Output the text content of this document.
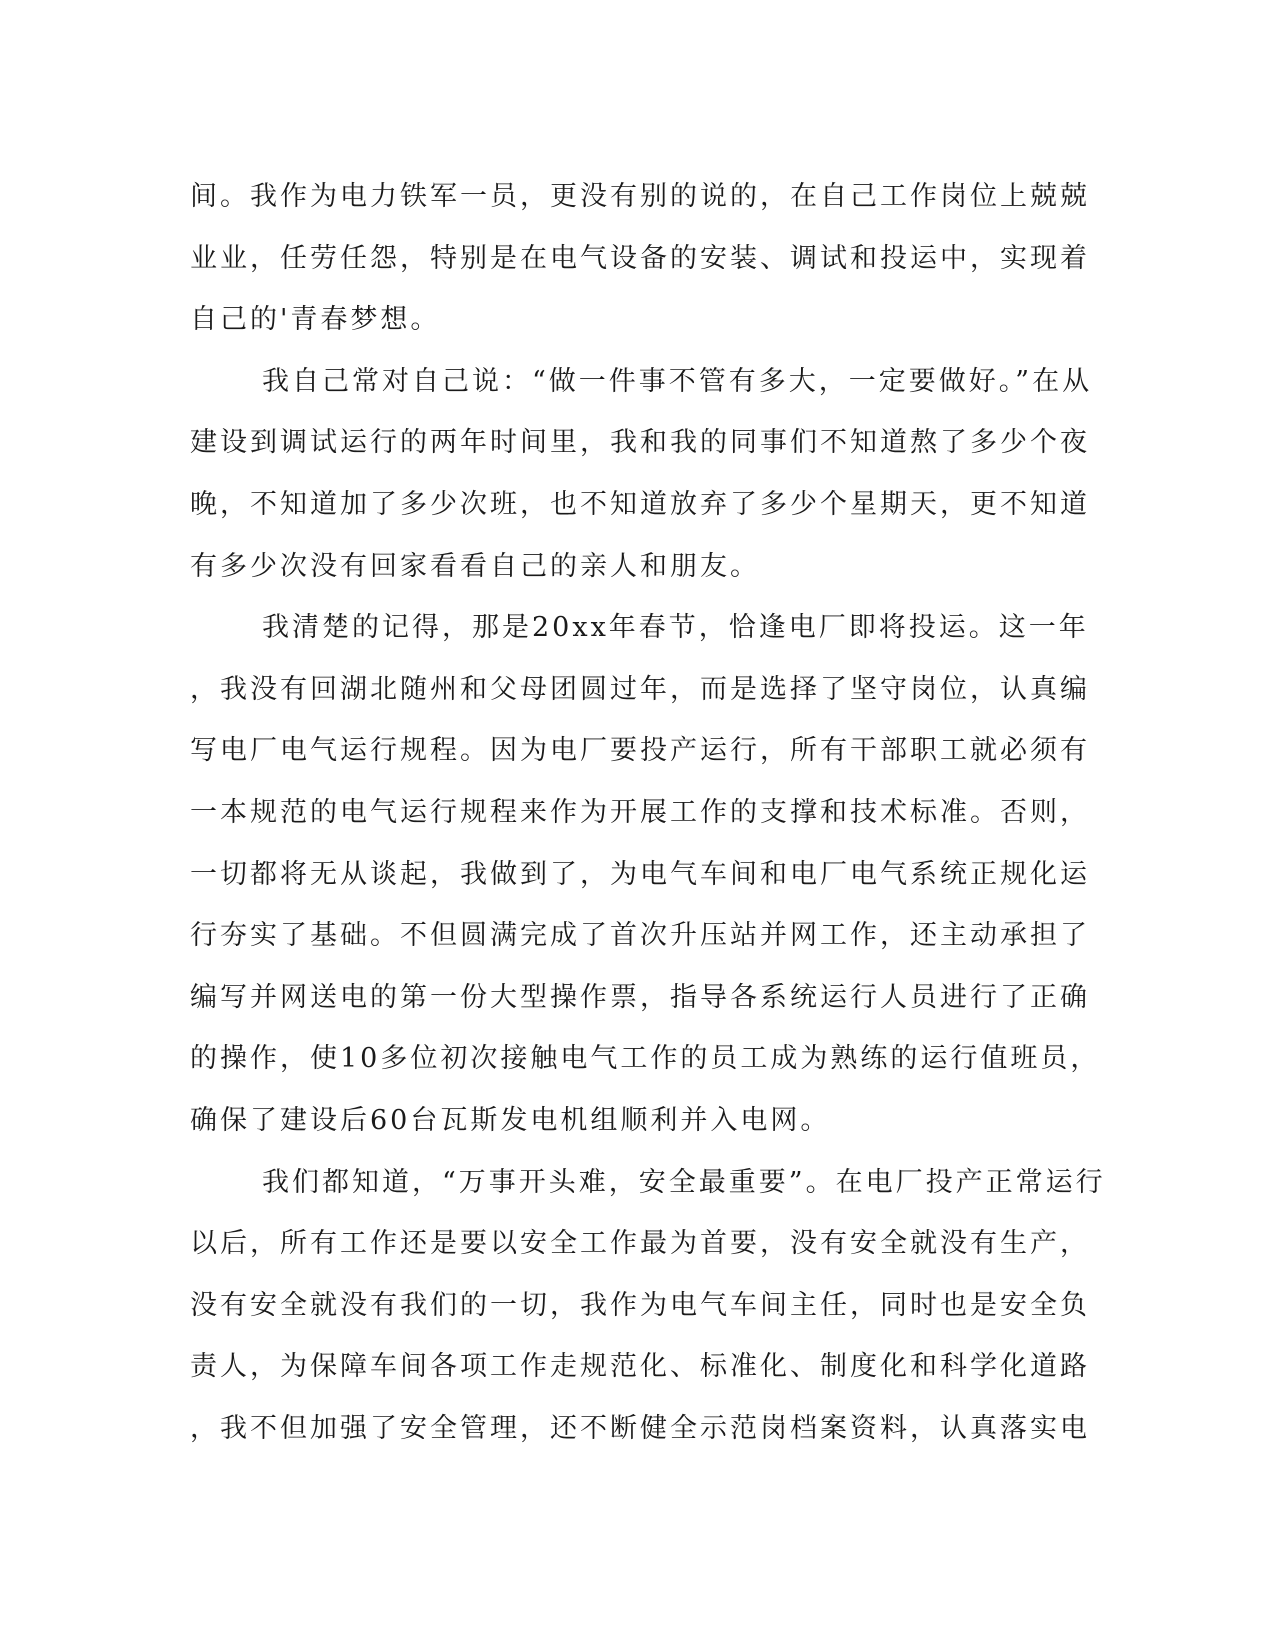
间。我作为电力铁军一员，更没有别的说的，在自己工作岗位上兢兢
业业，任劳任怨，特别是在电气设备的安装、调试和投运中，实现着
自己的'青春梦想。
我自己常对自己说：“做一件事不管有多大，一定要做好。”在从
建设到调试运行的两年时间里，我和我的同事们不知道熬了多少个夜
晚，不知道加了多少次班，也不知道放弃了多少个星期天，更不知道
有多少次没有回家看看自己的亲人和朋友。
我清楚的记得，那是20xx年春节，恰逢电厂即将投运。这一年
，我没有回湖北随州和父母团圆过年，而是选择了坚守岗位，认真编
写电厂电气运行规程。因为电厂要投产运行，所有干部职工就必须有
一本规范的电气运行规程来作为开展工作的支撑和技术标准。否则，
一切都将无从谈起，我做到了，为电气车间和电厂电气系统正规化运
行夯实了基础。不但圆满完成了首次升压站并网工作，还主动承担了
编写并网送电的第一份大型操作票，指导各系统运行人员进行了正确
的操作，使10多位初次接触电气工作的员工成为熟练的运行值班员，
确保了建设后60台瓦斯发电机组顺利并入电网。
我们都知道，“万事开头难，安全最重要”。在电厂投产正常运行
以后，所有工作还是要以安全工作最为首要，没有安全就没有生产，
没有安全就没有我们的一切，我作为电气车间主任，同时也是安全负
责人，为保障车间各项工作走规范化、标准化、制度化和科学化道路
，我不但加强了安全管理，还不断健全示范岗档案资料，认真落实电
